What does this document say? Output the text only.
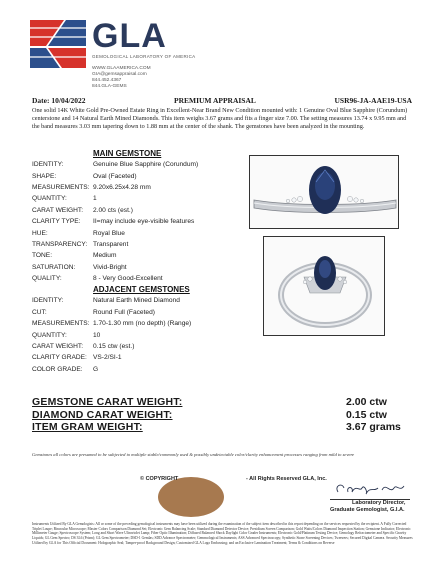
GLA
GEMOLOGICAL LABORATORY OF AMERICA
WWW.GLAAMERICA.COM
GIA@gemsappraisal.com
844.452.4367
844.GLA-GEMS
Date: 10/04/2022	PREMIUM APPRAISAL	USR96-JA-AAE19-USA
One solid 14K White Gold Pre-Owned Estate Ring in Excellent-Near Brand New Condition mounted with: 1 Genuine Oval Blue Sapphire (Corundum) centerstone and 14 Natural Earth Mined Diamonds. This item weighs 3.67 grams and fits a finger size 7.00. The setting measures 13.74 x 9.95 mm and the band measures 3.03 mm tapering down to 1.88 mm at the center of the shank. The gemstones have been analyzed in the mounting.
MAIN GEMSTONE
IDENTITY:	Genuine Blue Sapphire (Corundum)
SHAPE:	Oval (Faceted)
MEASUREMENTS: 9.20x6.25x4.28 mm
QUANTITY:	1
CARAT WEIGHT:	2.00 cts (est.)
CLARITY TYPE:	II=may include eye-visible features
HUE:	Royal Blue
TRANSPARENCY: Transparent
TONE:	Medium
SATURATION:	Vivid-Bright
QUALITY:	8 - Very Good-Excellent
ADJACENT GEMSTONES
IDENTITY:	Natural Earth Mined Diamond
CUT:	Round Full (Faceted)
MEASUREMENTS: 1.70-1.30 mm (no depth) (Range)
QUANTITY:	10
CARAT WEIGHT:	0.15 ctw (est.)
CLARITY GRADE: VS-2/SI-1
COLOR GRADE:	G
GEMSTONE CARAT WEIGHT:	2.00 ctw
DIAMOND CARAT WEIGHT:	0.15 ctw
ITEM GRAM WEIGHT:	3.67 grams
Gemstones all colors are presumed to be subjected to multiple stable/commonly used & possibly undetectable color/clarity enhancement processes ranging from mild to severe
© COPYRIGHT	- All Rights Reserved GLA, Inc.
Laboratory Director,
Graduate Gemologist, G.I.A.
Instruments Utilized By GLA Gemologists: All or some of the preceding gemological instruments may have been utilized during the examination of the subject item described in this report depending on the services requested by the recipient. A Fully Corrected Triplet Loupe; Binocular Microscope; Master Colors Comparison Diamond Set; Electronic Gem Balancing Scale; Standard Diamond Detector Device; Presidium Screen Comparison; Gold Watts/Colors Diamond Inspection Station; Gemstone Indicator; Electronic Millimeter Gauge; Spectroscope System; Long and Short Wave Ultraviolet Lamp; Fiber Optic Illumination; Diffused Balanced Shock Daylight Color Grader Instruments; Electronic Gold/Platinum Testing Device; Gemology Refractometer and Specific Gravity Liquids; GL Gem Spectro; DS 3L6 (Prism); GL Gem Spectrometer; DSD-1 Gemlas; SDD Advance Spectrometer; Gemmological Instruments; ASS Advanced Spectroscopy; Synthetic Stone Screening Devices; Tweezers; Secured Digital Camera. Security Measures Utilized by GLA for This Official Document: Holographic Seal; Tamper-proof Background Design; Customized GLA Logo Embossing; and an Exclusive Lamination Treatment; Terms & Conditions on Reverse
